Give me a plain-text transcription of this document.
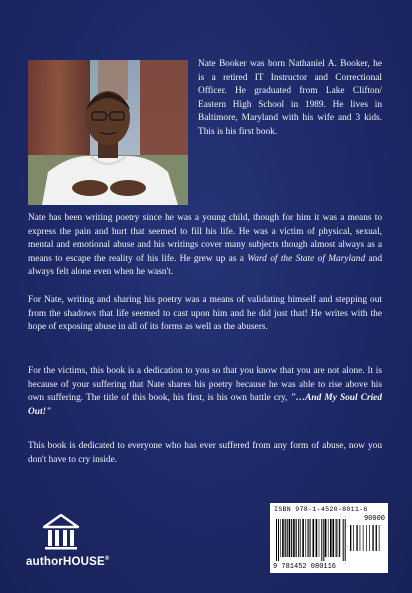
Nate Booker was born Nathaniel A. Booker, he is a retired IT Instructor and Correctional Officer. He graduated from Lake Clifton/ Eastern High School in 1989. He lives in Baltimore, Maryland with his wife and 3 kids. This is his first book.

Nate has been writing poetry since he was a young child, though for him it was a means to express the pain and hurt that seemed to fill his life. He was a victim of physical, sexual, mental and emotional abuse and his writings cover many subjects though almost always as a means to escape the reality of his life. He grew up as a Ward of the State of Maryland and always felt alone even when he wasn't.

For Nate, writing and sharing his poetry was a means of validating himself and stepping out from the shadows that life seemed to cast upon him and he did just that! He writes with the hope of exposing abuse in all of its forms as well as the abusers.

For the victims, this book is a dedication to you so that you know that you are not alone. It is because of your suffering that Nate shares his poetry because he was able to rise above his own suffering. The title of this book, his first, is his own battle cry, "…And My Soul Cried Out!"

This book is dedicated to everyone who has ever suffered from any form of abuse, now you don't have to cry inside.

authorHOUSE®
ISBN 978-1-4520-8011-6
90000
9 781452 080116
